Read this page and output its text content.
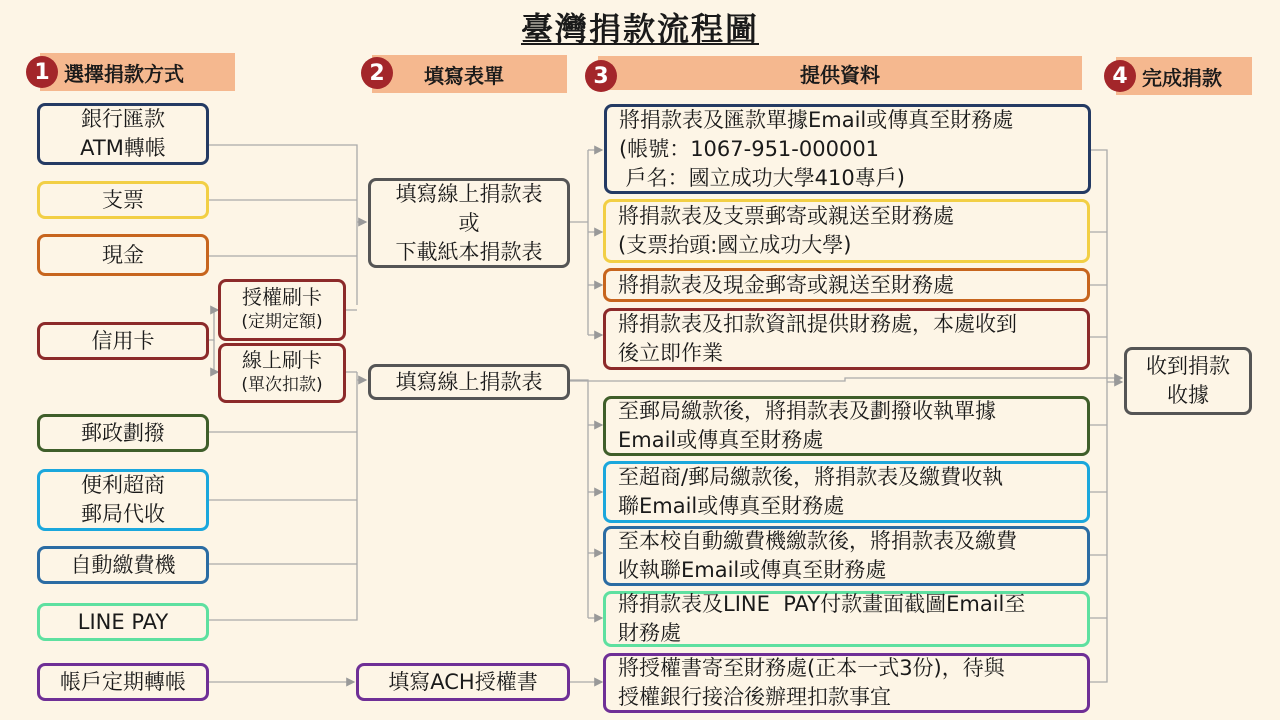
臺灣捐款流程圖
選擇捐款方式
1	填寫表單
2	提供資料
3	完成捐款
4
銀行匯款
ATM轉帳
支票
現金
信用卡
郵政劃撥
便利超商
郵局代收
自動繳費機
LINE PAY
帳戶定期轉帳
授權刷卡
(定期定額)
線上刷卡
(單次扣款)
填寫線上捐款表
或
下載紙本捐款表
填寫線上捐款表
填寫ACH授權書
將捐款表及匯款單據Email或傳真至財務處
(帳號：1067-951-000001
戶名：國立成功大學410專戶)
將捐款表及支票郵寄或親送至財務處
(支票抬頭:國立成功大學)
將捐款表及現金郵寄或親送至財務處
將捐款表及扣款資訊提供財務處，本處收到
後立即作業
至郵局繳款後，將捐款表及劃撥收執單據
Email或傳真至財務處
至超商/郵局繳款後，將捐款表及繳費收執
聯Email或傳真至財務處
至本校自動繳費機繳款後，將捐款表及繳費
收執聯Email或傳真至財務處
將捐款表及LINE  PAY付款畫面截圖Email至
財務處
將授權書寄至財務處(正本一式3份)，待與
授權銀行接洽後辦理扣款事宜
收到捐款
收據
